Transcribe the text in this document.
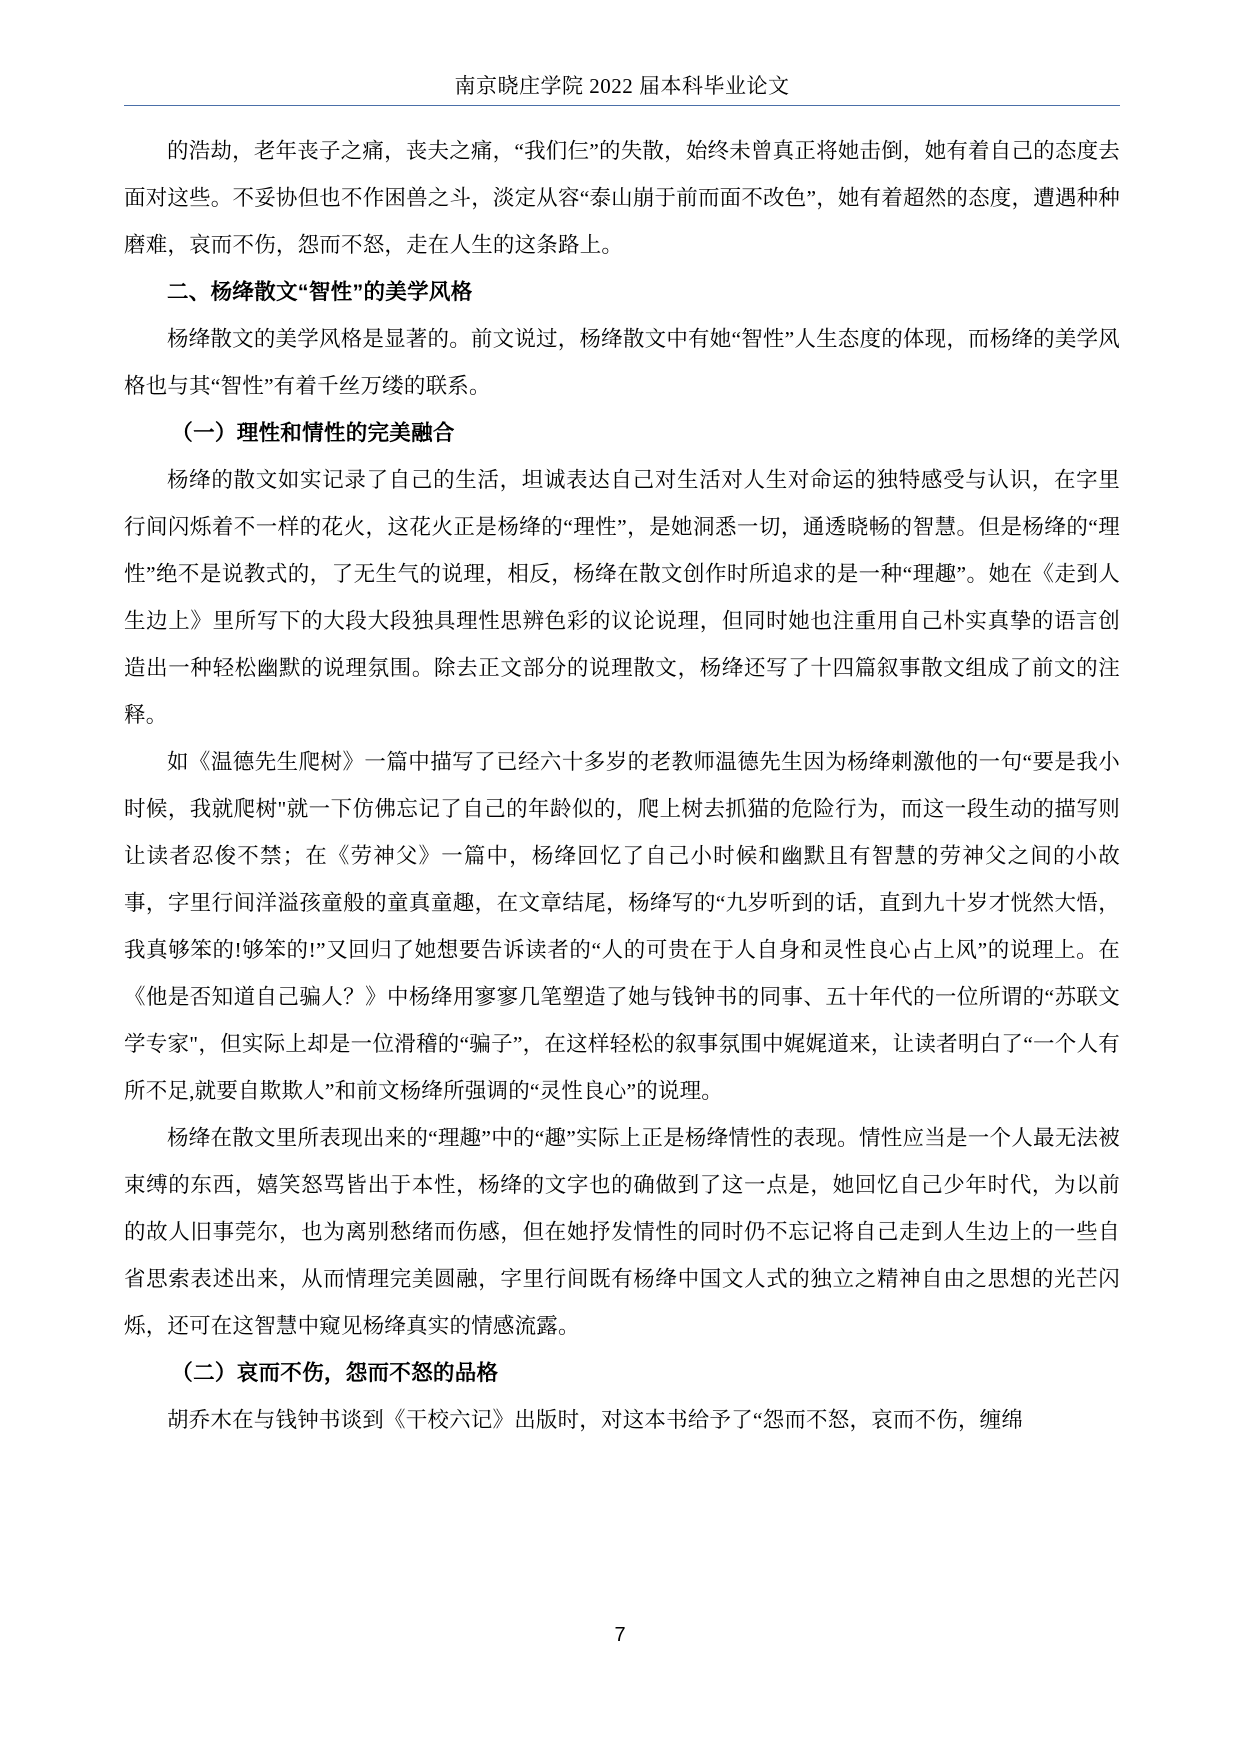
南京晓庄学院 2022 届本科毕业论文

的浩劫，老年丧子之痛，丧夫之痛，“我们仨”的失散，始终未曾真正将她击倒，她有着自己的态度去面对这些。不妥协但也不作困兽之斗，淡定从容“泰山崩于前而面不改色”，她有着超然的态度，遭遇种种磨难，哀而不伤，怨而不怒，走在人生的这条路上。

二、杨绛散文“智性”的美学风格

杨绛散文的美学风格是显著的。前文说过，杨绛散文中有她“智性”人生态度的体现，而杨绛的美学风格也与其“智性”有着千丝万缕的联系。

（一）理性和情性的完美融合

杨绛的散文如实记录了自己的生活，坦诚表达自己对生活对人生对命运的独特感受与认识，在字里行间闪烁着不一样的花火，这花火正是杨绛的“理性”，是她洞悉一切，通透晓畅的智慧。但是杨绛的“理性”绝不是说教式的，了无生气的说理，相反，杨绛在散文创作时所追求的是一种“理趣”。她在《走到人生边上》里所写下的大段大段独具理性思辨色彩的议论说理，但同时她也注重用自己朴实真挚的语言创造出一种轻松幽默的说理氛围。除去正文部分的说理散文，杨绛还写了十四篇叙事散文组成了前文的注释。

如《温德先生爬树》一篇中描写了已经六十多岁的老教师温德先生因为杨绛刺激他的一句“要是我小时候，我就爬树"就一下仿佛忘记了自己的年龄似的，爬上树去抓猫的危险行为，而这一段生动的描写则让读者忍俊不禁；在《劳神父》一篇中，杨绛回忆了自己小时候和幽默且有智慧的劳神父之间的小故事，字里行间洋溢孩童般的童真童趣，在文章结尾，杨绛写的“九岁听到的话，直到九十岁才恍然大悟，我真够笨的!够笨的!”又回归了她想要告诉读者的“人的可贵在于人自身和灵性良心占上风”的说理上。在《他是否知道自己骗人？》中杨绛用寥寥几笔塑造了她与钱钟书的同事、五十年代的一位所谓的“苏联文学专家"，但实际上却是一位滑稽的“骗子”，在这样轻松的叙事氛围中娓娓道来，让读者明白了“一个人有所不足,就要自欺欺人”和前文杨绛所强调的“灵性良心”的说理。

杨绛在散文里所表现出来的“理趣”中的“趣”实际上正是杨绛情性的表现。情性应当是一个人最无法被束缚的东西，嬉笑怒骂皆出于本性，杨绛的文字也的确做到了这一点是，她回忆自己少年时代，为以前的故人旧事莞尔，也为离别愁绪而伤感，但在她抒发情性的同时仍不忘记将自己走到人生边上的一些自省思索表述出来，从而情理完美圆融，字里行间既有杨绛中国文人式的独立之精神自由之思想的光芒闪烁，还可在这智慧中窥见杨绛真实的情感流露。

（二）哀而不伤，怨而不怒的品格

胡乔木在与钱钟书谈到《干校六记》出版时，对这本书给予了“怨而不怒，哀而不伤，缠绵

7
